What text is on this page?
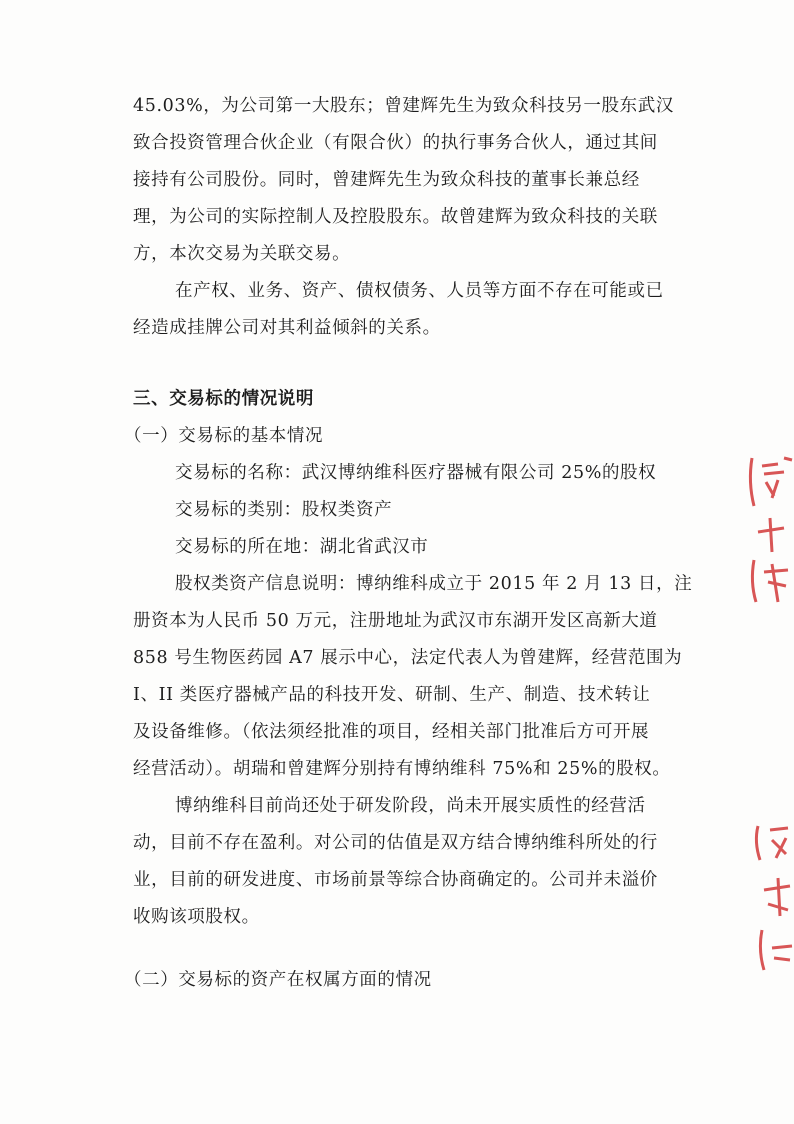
45.03%，为公司第一大股东；曾建辉先生为致众科技另一股东武汉
致合投资管理合伙企业（有限合伙）的执行事务合伙人，通过其间
接持有公司股份。同时，曾建辉先生为致众科技的董事长兼总经
理，为公司的实际控制人及控股股东。故曾建辉为致众科技的关联
方，本次交易为关联交易。
在产权、业务、资产、债权债务、人员等方面不存在可能或已
经造成挂牌公司对其利益倾斜的关系。
三、交易标的情况说明
（一）交易标的基本情况
交易标的名称：武汉博纳维科医疗器械有限公司 25%的股权
交易标的类别：股权类资产
交易标的所在地：湖北省武汉市
股权类资产信息说明：博纳维科成立于 2015 年 2 月 13 日，注
册资本为人民币 50 万元，注册地址为武汉市东湖开发区高新大道
858 号生物医药园 A7 展示中心，法定代表人为曾建辉，经营范围为
I、II 类医疗器械产品的科技开发、研制、生产、制造、技术转让
及设备维修。（依法须经批准的项目，经相关部门批准后方可开展
经营活动）。胡瑞和曾建辉分别持有博纳维科 75%和 25%的股权。
博纳维科目前尚还处于研发阶段，尚未开展实质性的经营活
动，目前不存在盈利。对公司的估值是双方结合博纳维科所处的行
业，目前的研发进度、市场前景等综合协商确定的。公司并未溢价
收购该项股权。
（二）交易标的资产在权属方面的情况
